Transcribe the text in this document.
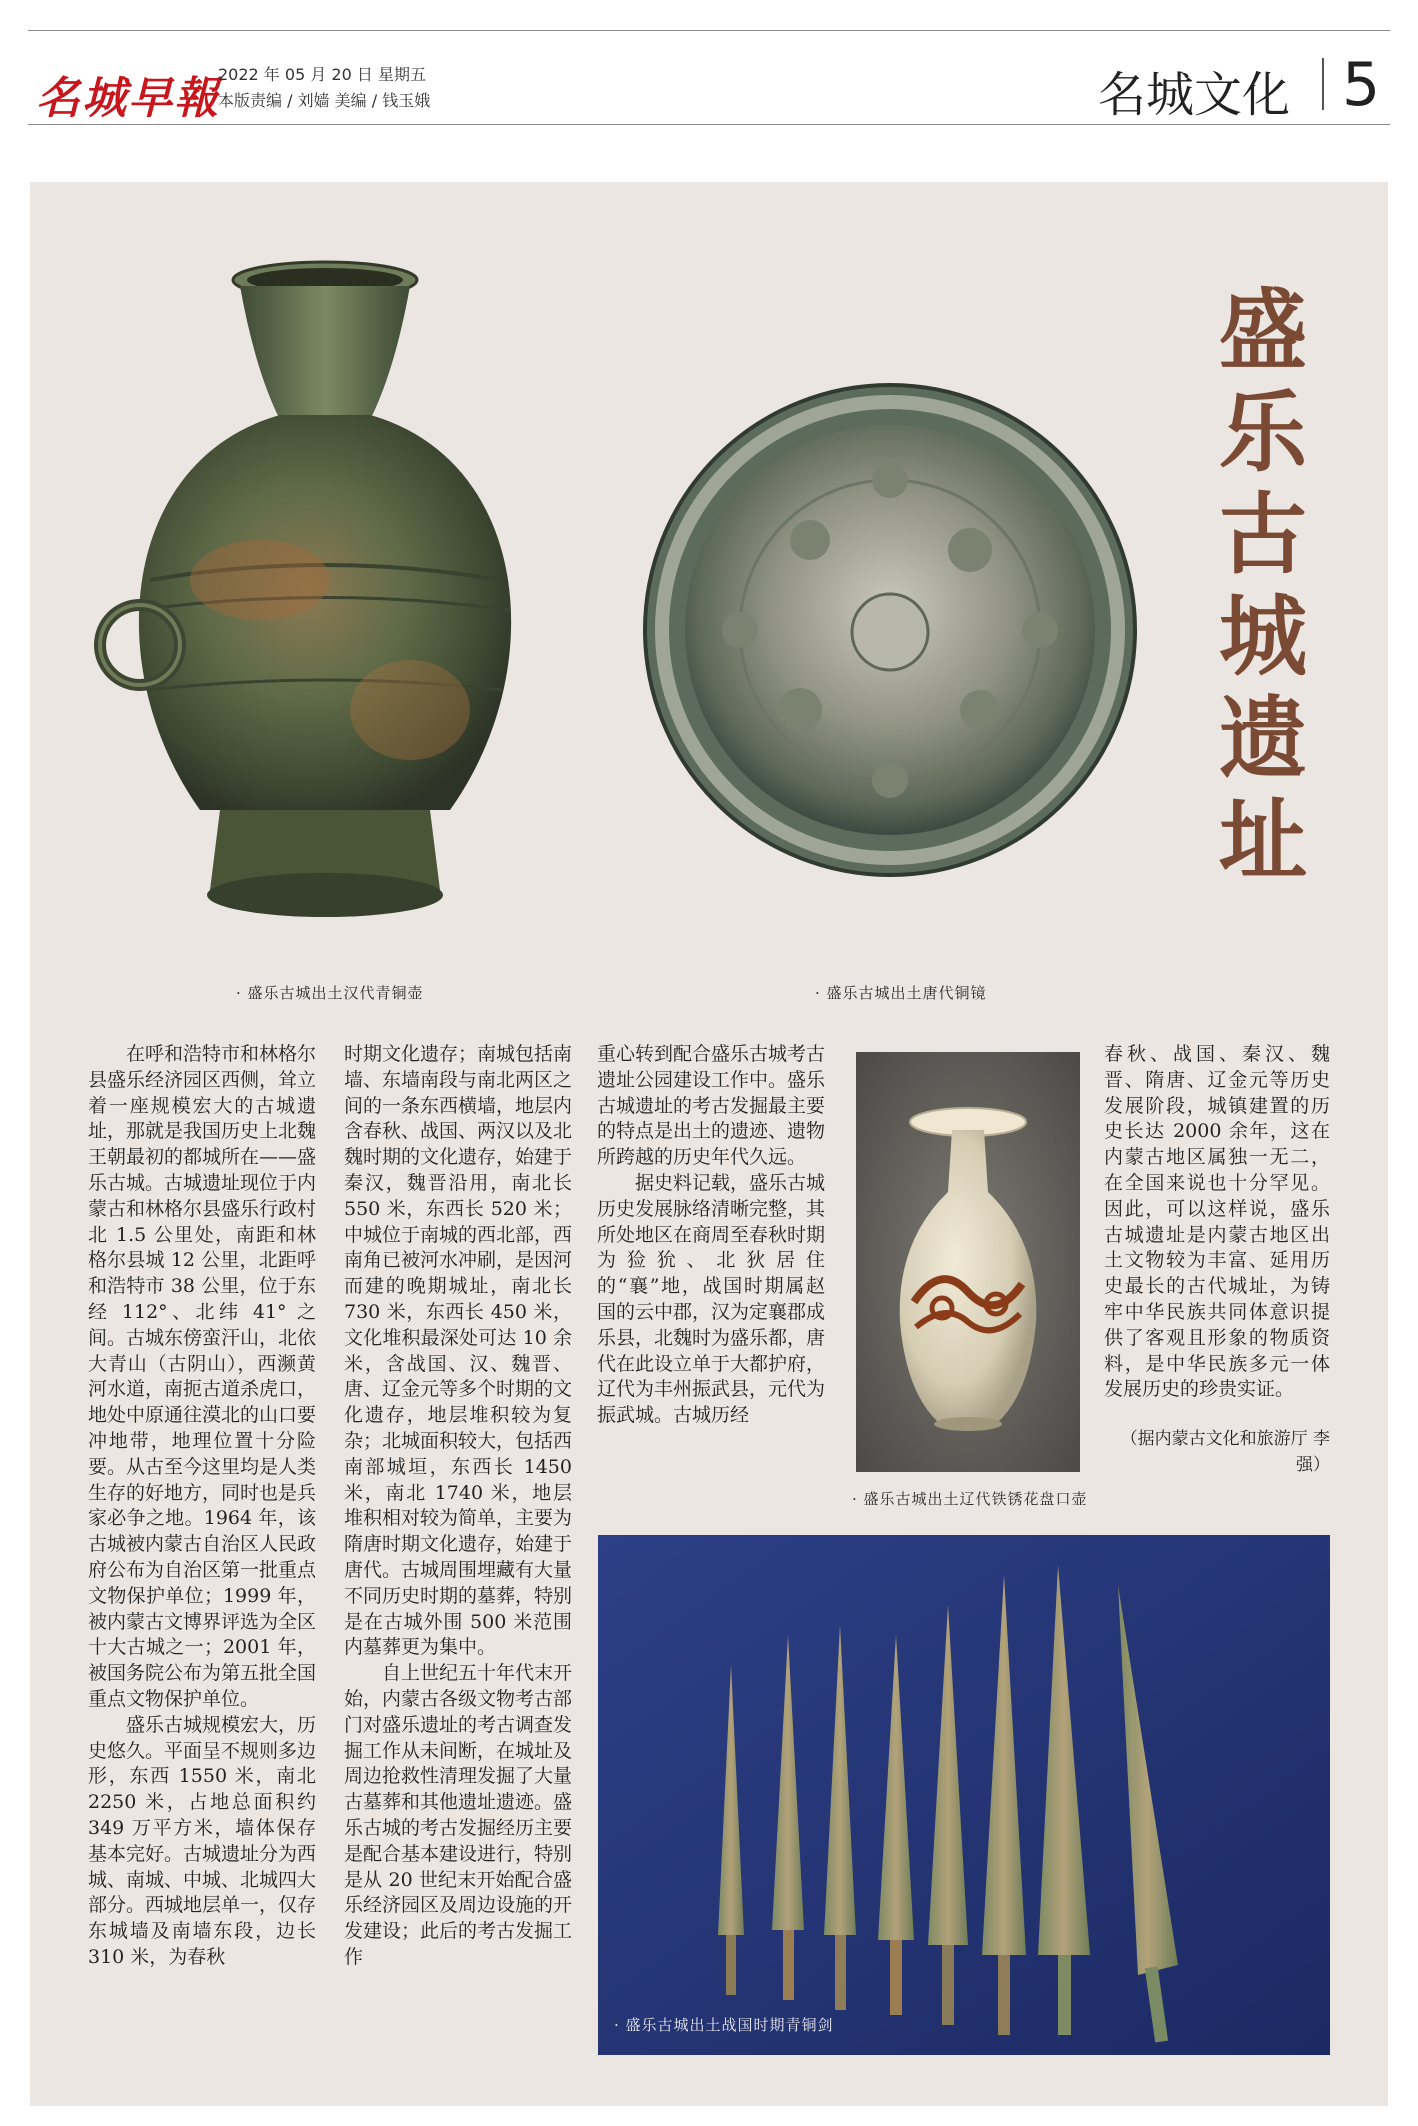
名城早報
2022 年 05 月 20 日 星期五
本版责编 / 刘嫱 美编 / 钱玉娥	名城文化 5
盛乐古城遗址
· 盛乐古城出土汉代青铜壶	· 盛乐古城出土唐代铜镜

在呼和浩特市和林格尔县盛乐经济园区西侧，耸立着一座规模宏大的古城遗址，那就是我国历史上北魏王朝最初的都城所在——盛乐古城。古城遗址现位于内蒙古和林格尔县盛乐行政村北 1.5 公里处，南距和林格尔县城 12 公里，北距呼和浩特市 38 公里，位于东经 112°、北纬 41° 之间。古城东傍蛮汗山，北依大青山（古阴山），西濒黄河水道，南扼古道杀虎口，地处中原通往漠北的山口要冲地带，地理位置十分险要。从古至今这里均是人类生存的好地方，同时也是兵家必争之地。1964 年，该古城被内蒙古自治区人民政府公布为自治区第一批重点文物保护单位；1999 年，被内蒙古文博界评选为全区十大古城之一；2001 年，被国务院公布为第五批全国重点文物保护单位。

盛乐古城规模宏大，历史悠久。平面呈不规则多边形，东西 1550 米，南北 2250 米，占地总面积约 349 万平方米，墙体保存基本完好。古城遗址分为西城、南城、中城、北城四大部分。西城地层单一，仅存东城墙及南墙东段，边长 310 米，为春秋

时期文化遗存；南城包括南墙、东墙南段与南北两区之间的一条东西横墙，地层内含春秋、战国、两汉以及北魏时期的文化遗存，始建于秦汉，魏晋沿用，南北长 550 米，东西长 520 米；中城位于南城的西北部，西南角已被河水冲刷，是因河而建的晚期城址，南北长 730 米，东西长 450 米，文化堆积最深处可达 10 余米，含战国、汉、魏晋、唐、辽金元等多个时期的文化遗存，地层堆积较为复杂；北城面积较大，包括西南部城垣，东西长 1450 米，南北 1740 米，地层堆积相对较为简单，主要为隋唐时期文化遗存，始建于唐代。古城周围埋藏有大量不同历史时期的墓葬，特别是在古城外围 500 米范围内墓葬更为集中。

自上世纪五十年代末开始，内蒙古各级文物考古部门对盛乐遗址的考古调查发掘工作从未间断，在城址及周边抢救性清理发掘了大量古墓葬和其他遗址遗迹。盛乐古城的考古发掘经历主要是配合基本建设进行，特别是从 20 世纪末开始配合盛乐经济园区及周边设施的开发建设；此后的考古发掘工作

重心转到配合盛乐古城考古遗址公园建设工作中。盛乐古城遗址的考古发掘最主要的特点是出土的遗迹、遗物所跨越的历史年代久远。

据史料记载，盛乐古城历史发展脉络清晰完整，其所处地区在商周至春秋时期为猃狁、北狄居住的“襄”地，战国时期属赵国的云中郡，汉为定襄郡成乐县，北魏时为盛乐都，唐代在此设立单于大都护府，辽代为丰州振武县，元代为振武城。古城历经

春秋、战国、秦汉、魏晋、隋唐、辽金元等历史发展阶段，城镇建置的历史长达 2000 余年，这在内蒙古地区属独一无二，在全国来说也十分罕见。因此，可以这样说，盛乐古城遗址是内蒙古地区出土文物较为丰富、延用历史最长的古代城址，为铸牢中华民族共同体意识提供了客观且形象的物质资料，是中华民族多元一体发展历史的珍贵实证。

（据内蒙古文化和旅游厅 李强）
· 盛乐古城出土辽代铁锈花盘口壶
· 盛乐古城出土战国时期青铜剑
